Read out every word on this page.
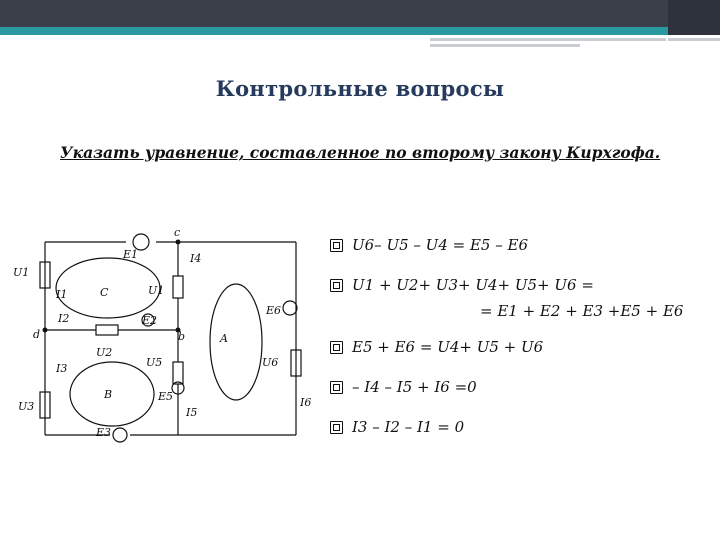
Контрольные вопросы
Указать уравнение, составленное по второму закону Кирхгофа.
c
E1	I4
U1
C	U1
I1
E6
E2
I2
d	b	A
U2
U5	U6
I3
E5
B
U3	I5
I6
E3
U6– U5 – U4 = E5 – E6
U1 + U2+ U3+ U4+ U5+ U6 =
= E1 + E2 + E3 +E5 + E6
E5 + E6 = U4+ U5 + U6
– I4 – I5 + I6 =0
I3 – I2 – I1 = 0
